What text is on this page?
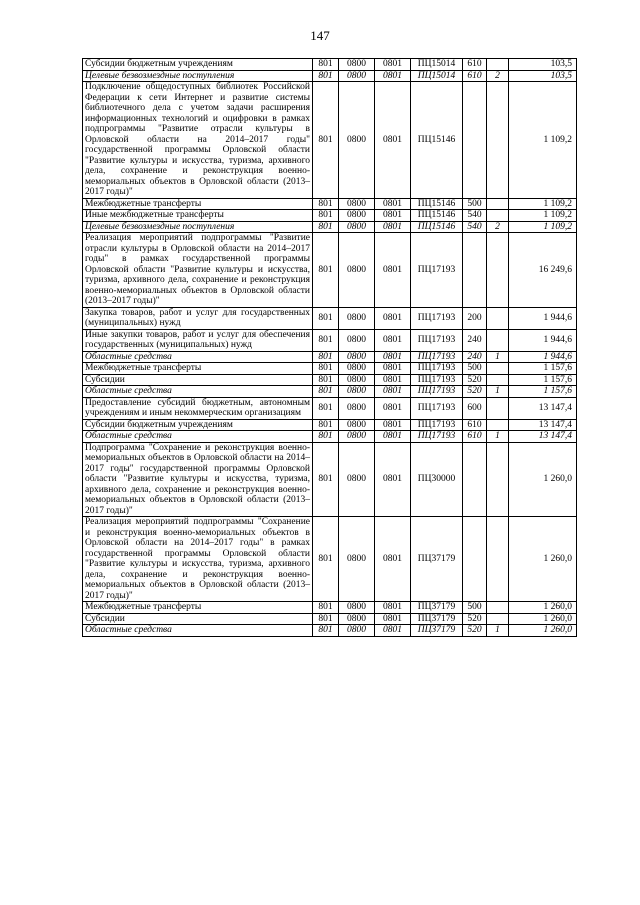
147
Субсидии бюджетным учреждениям	801	0800	0801	ПЦ15014	610		103,5
Целевые безвозмездные поступления	801	0800	0801	ПЦ15014	610	2	103,5
Подключение общедоступных библиотек Российской Федерации к сети Интернет и развитие системы библиотечного дела с учетом задачи расширения информационных технологий и оцифровки в рамках подпрограммы "Развитие отрасли культуры в Орловской области на 2014–2017 годы" государственной программы Орловской области "Развитие культуры и искусства, туризма, архивного дела, сохранение и реконструкция военно-мемориальных объектов в Орловской области (2013–2017 годы)"	801	0800	0801	ПЦ15146			1 109,2
Межбюджетные трансферты	801	0800	0801	ПЦ15146	500		1 109,2
Иные межбюджетные трансферты	801	0800	0801	ПЦ15146	540		1 109,2
Целевые безвозмездные поступления	801	0800	0801	ПЦ15146	540	2	1 109,2
Реализация мероприятий подпрограммы "Развитие отрасли культуры в Орловской области на 2014–2017 годы" в рамках государственной программы Орловской области "Развитие культуры и искусства, туризма, архивного дела, сохранение и реконструкция военно-мемориальных объектов в Орловской области (2013–2017 годы)"	801	0800	0801	ПЦ17193			16 249,6
Закупка товаров, работ и услуг для государственных (муниципальных) нужд	801	0800	0801	ПЦ17193	200		1 944,6
Иные закупки товаров, работ и услуг для обеспечения государственных (муниципальных) нужд	801	0800	0801	ПЦ17193	240		1 944,6
Областные средства	801	0800	0801	ПЦ17193	240	1	1 944,6
Межбюджетные трансферты	801	0800	0801	ПЦ17193	500		1 157,6
Субсидии	801	0800	0801	ПЦ17193	520		1 157,6
Областные средства	801	0800	0801	ПЦ17193	520	1	1 157,6
Предоставление субсидий бюджетным, автономным учреждениям и иным некоммерческим организациям	801	0800	0801	ПЦ17193	600		13 147,4
Субсидии бюджетным учреждениям	801	0800	0801	ПЦ17193	610		13 147,4
Областные средства	801	0800	0801	ПЦ17193	610	1	13 147,4
Подпрограмма "Сохранение и реконструкция военно-мемориальных объектов в Орловской области на 2014–2017 годы" государственной программы Орловской области "Развитие культуры и искусства, туризма, архивного дела, сохранение и реконструкция военно-мемориальных объектов в Орловской области (2013–2017 годы)"	801	0800	0801	ПЦ30000			1 260,0
Реализация мероприятий подпрограммы "Сохранение и реконструкция военно-мемориальных объектов в Орловской области на 2014–2017 годы" в рамках государственной программы Орловской области "Развитие культуры и искусства, туризма, архивного дела, сохранение и реконструкция военно-мемориальных объектов в Орловской области (2013–2017 годы)"	801	0800	0801	ПЦ37179			1 260,0
Межбюджетные трансферты	801	0800	0801	ПЦ37179	500		1 260,0
Субсидии	801	0800	0801	ПЦ37179	520		1 260,0
Областные средства	801	0800	0801	ПЦ37179	520	1	1 260,0
